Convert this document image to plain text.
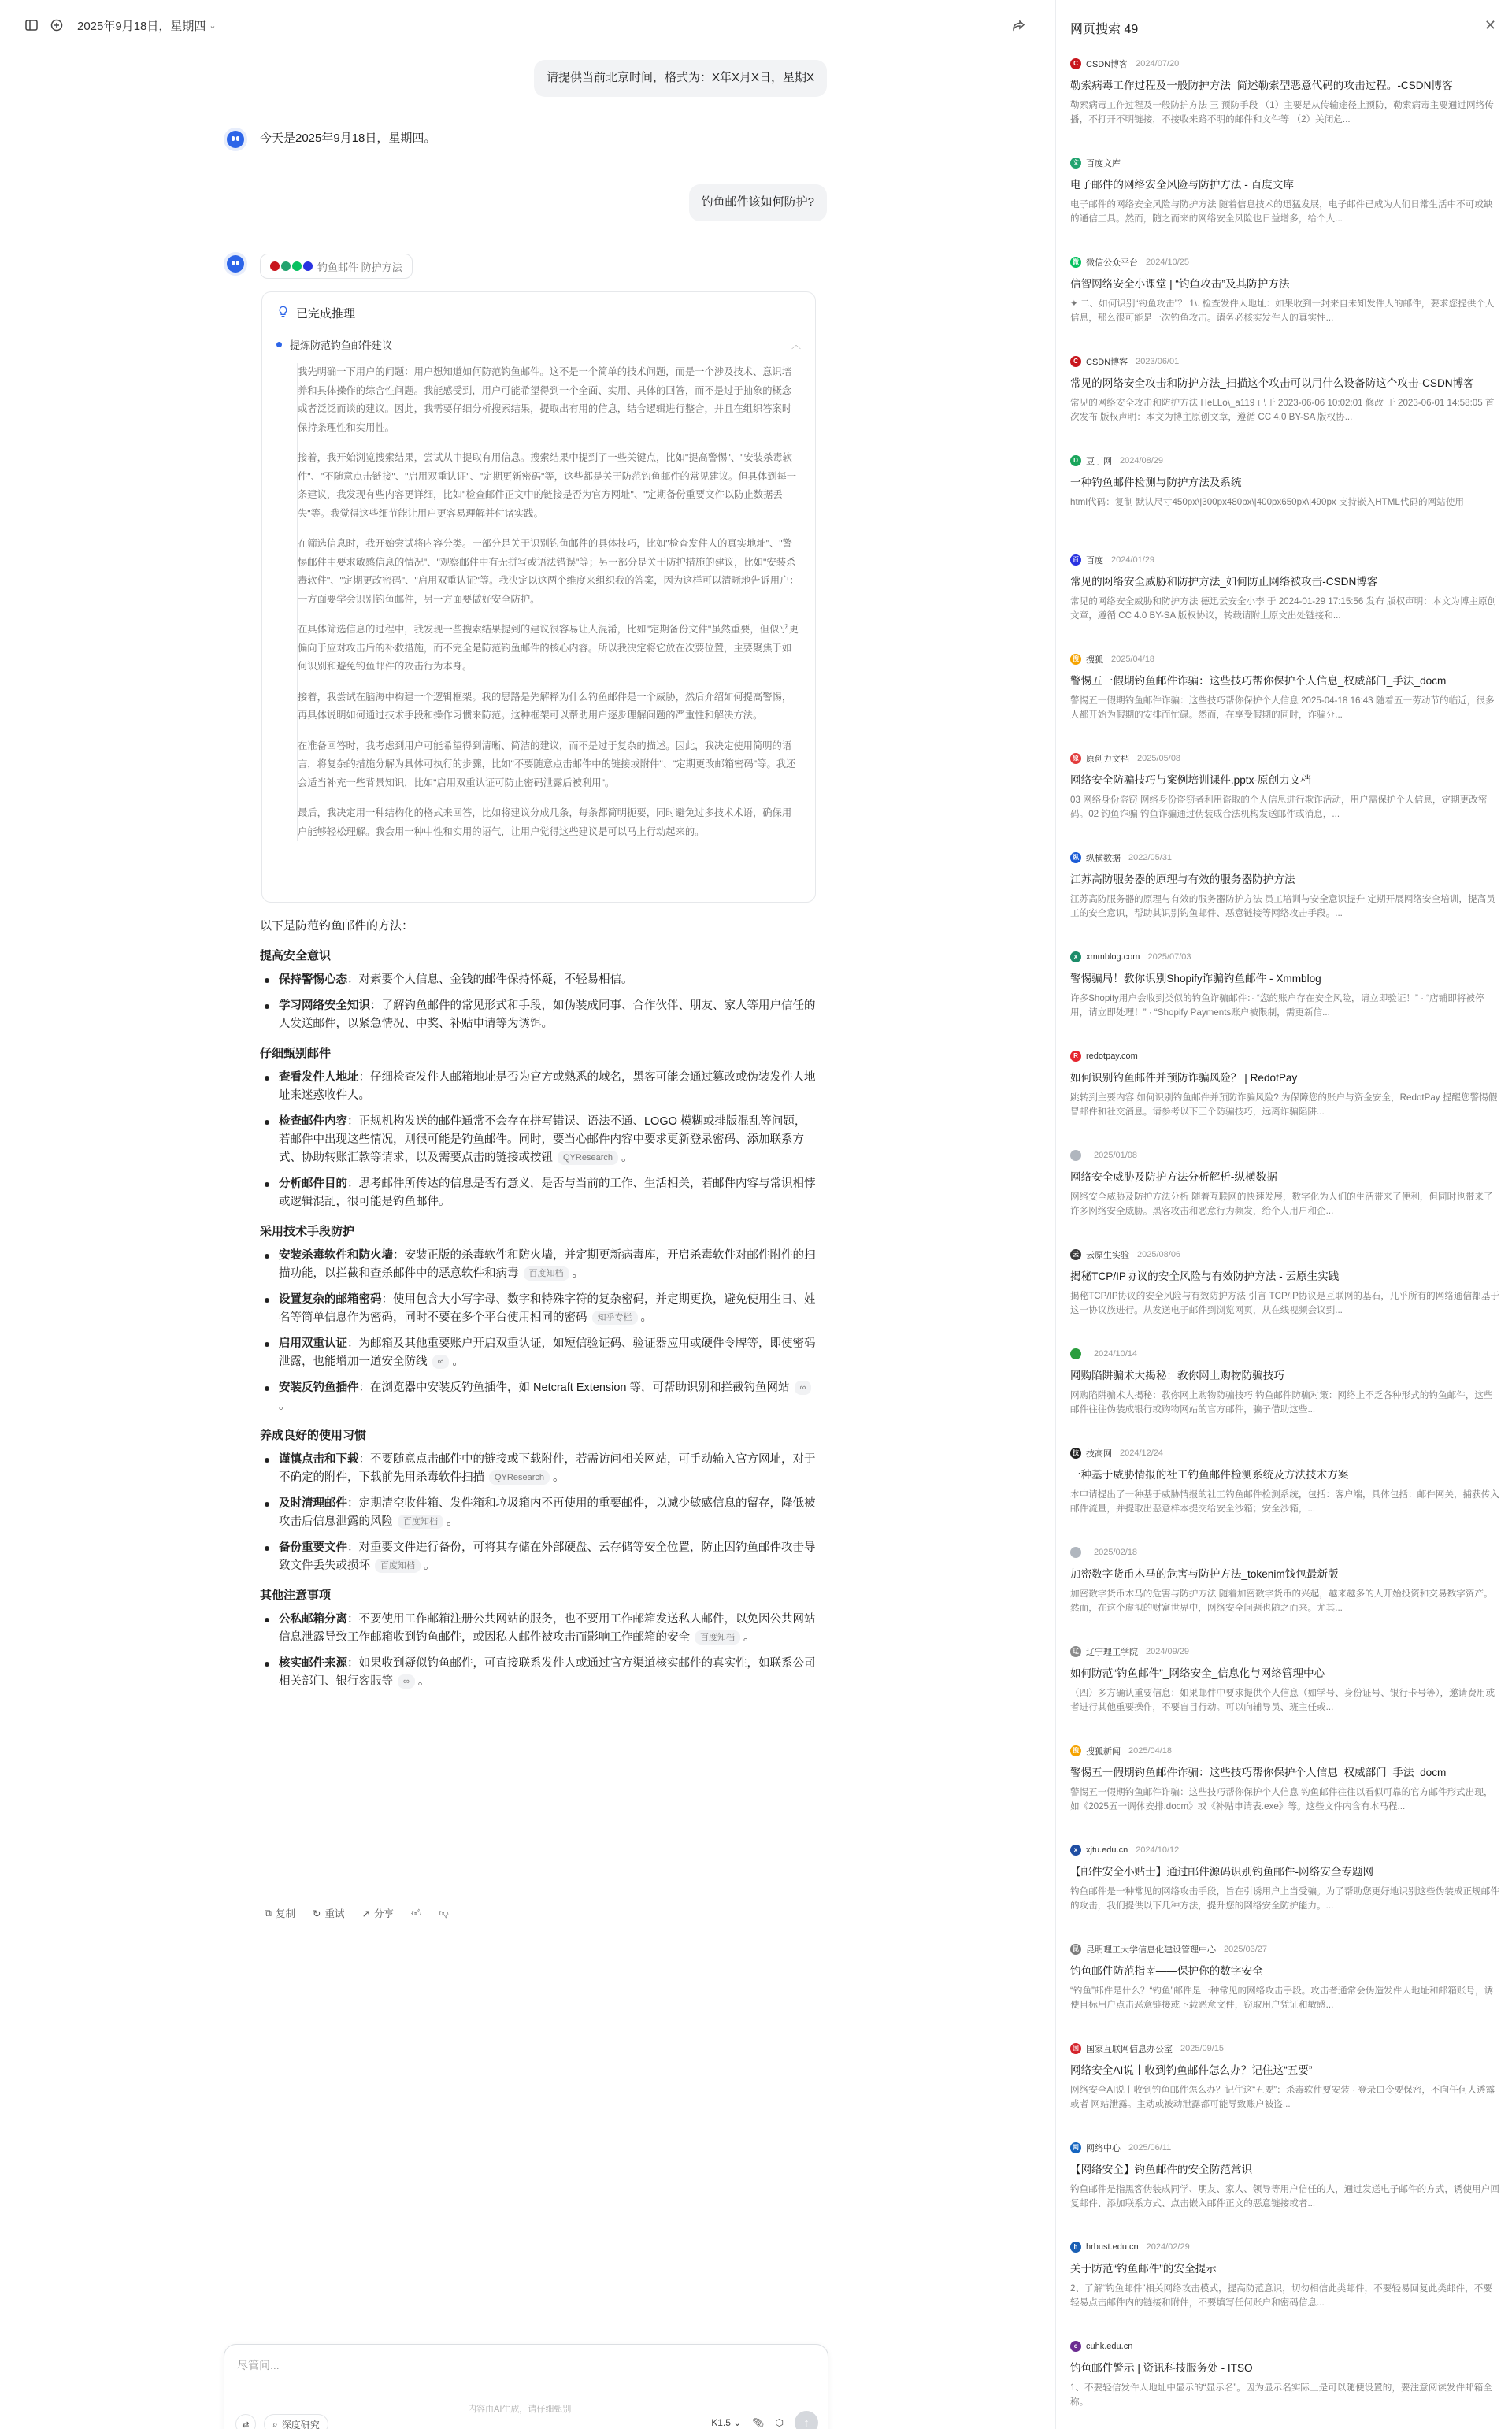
2025年9月18日，星期四 ⌄
请提供当前北京时间，格式为：X年X月X日，星期X
今天是2025年9月18日，星期四。
钓鱼邮件该如何防护?
钓鱼邮件 防护方法
已完成推理
提炼防范钓鱼邮件建议	︿

我先明确一下用户的问题：用户想知道如何防范钓鱼邮件。这不是一个简单的技术问题，而是一个涉及技术、意识培养和具体操作的综合性问题。我能感受到，用户可能希望得到一个全面、实用、具体的回答，而不是过于抽象的概念或者泛泛而谈的建议。因此，我需要仔细分析搜索结果，提取出有用的信息，结合逻辑进行整合，并且在组织答案时保持条理性和实用性。

接着，我开始浏览搜索结果，尝试从中提取有用信息。搜索结果中提到了一些关键点，比如"提高警惕"、"安装杀毒软件"、"不随意点击链接"、"启用双重认证"、"定期更新密码"等，这些都是关于防范钓鱼邮件的常见建议。但具体到每一条建议，我发现有些内容更详细，比如"检查邮件正文中的链接是否为官方网址"、"定期备份重要文件以防止数据丢失"等。我觉得这些细节能让用户更容易理解并付诸实践。

在筛选信息时，我开始尝试将内容分类。一部分是关于识别钓鱼邮件的具体技巧，比如"检查发件人的真实地址"、"警惕邮件中要求敏感信息的情况"、"观察邮件中有无拼写或语法错误"等；另一部分是关于防护措施的建议，比如"安装杀毒软件"、"定期更改密码"、"启用双重认证"等。我决定以这两个维度来组织我的答案，因为这样可以清晰地告诉用户：一方面要学会识别钓鱼邮件，另一方面要做好安全防护。

在具体筛选信息的过程中，我发现一些搜索结果提到的建议很容易让人混淆，比如"定期备份文件"虽然重要，但似乎更偏向于应对攻击后的补救措施，而不完全是防范钓鱼邮件的核心内容。所以我决定将它放在次要位置，主要聚焦于如何识别和避免钓鱼邮件的攻击行为本身。

接着，我尝试在脑海中构建一个逻辑框架。我的思路是先解释为什么钓鱼邮件是一个威胁，然后介绍如何提高警惕，再具体说明如何通过技术手段和操作习惯来防范。这种框架可以帮助用户逐步理解问题的严重性和解决方法。

在准备回答时，我考虑到用户可能希望得到清晰、简洁的建议，而不是过于复杂的描述。因此，我决定使用简明的语言，将复杂的措施分解为具体可执行的步骤，比如"不要随意点击邮件中的链接或附件"、"定期更改邮箱密码"等。我还会适当补充一些背景知识，比如"启用双重认证可防止密码泄露后被利用"。

最后，我决定用一种结构化的格式来回答，比如将建议分成几条，每条都简明扼要，同时避免过多技术术语，确保用户能够轻松理解。我会用一种中性和实用的语气，让用户觉得这些建议是可以马上行动起来的。

以下是防范钓鱼邮件的方法：
提高安全意识
保持警惕心态：对索要个人信息、金钱的邮件保持怀疑，不轻易相信。
学习网络安全知识：了解钓鱼邮件的常见形式和手段，如伪装成同事、合作伙伴、朋友、家人等用户信任的人发送邮件，以紧急情况、中奖、补贴申请等为诱饵。
仔细甄别邮件
查看发件人地址：仔细检查发件人邮箱地址是否为官方或熟悉的域名，黑客可能会通过篡改或伪装发件人地址来迷惑收件人。
检查邮件内容：正规机构发送的邮件通常不会存在拼写错误、语法不通、LOGO 模糊或排版混乱等问题，若邮件中出现这些情况，则很可能是钓鱼邮件。同时，要当心邮件内容中要求更新登录密码、添加联系方式、协助转账汇款等请求，以及需要点击的链接或按钮 QYResearch 。
分析邮件目的：思考邮件所传达的信息是否有意义，是否与当前的工作、生活相关，若邮件内容与常识相悖或逻辑混乱，很可能是钓鱼邮件。
采用技术手段防护
安装杀毒软件和防火墙：安装正版的杀毒软件和防火墙，并定期更新病毒库，开启杀毒软件对邮件附件的扫描功能，以拦截和查杀邮件中的恶意软件和病毒 百度知档 。
设置复杂的邮箱密码：使用包含大小写字母、数字和特殊字符的复杂密码，并定期更换，避免使用生日、姓名等简单信息作为密码，同时不要在多个平台使用相同的密码 知乎专栏 。
启用双重认证：为邮箱及其他重要账户开启双重认证，如短信验证码、验证器应用或硬件令牌等，即使密码泄露，也能增加一道安全防线 ∞ 。
安装反钓鱼插件：在浏览器中安装反钓鱼插件，如 Netcraft Extension 等，可帮助识别和拦截钓鱼网站 ∞ 。
养成良好的使用习惯
谨慎点击和下载：不要随意点击邮件中的链接或下载附件，若需访问相关网站，可手动输入官方网址，对于不确定的附件，下载前先用杀毒软件扫描 QYResearch 。
及时清理邮件：定期清空收件箱、发件箱和垃圾箱内不再使用的重要邮件，以减少敏感信息的留存，降低被攻击后信息泄露的风险 百度知档 。
备份重要文件：对重要文件进行备份，可将其存储在外部硬盘、云存储等安全位置，防止因钓鱼邮件攻击导致文件丢失或损坏 百度知档 。
其他注意事项
公私邮箱分离：不要使用工作邮箱注册公共网站的服务，也不要用工作邮箱发送私人邮件，以免因公共网站信息泄露导致工作邮箱收到钓鱼邮件，或因私人邮件被攻击而影响工作邮箱的安全 百度知档 。
核实邮件来源：如果收到疑似钓鱼邮件，可直接联系发件人或通过官方渠道核实邮件的真实性，如联系公司相关部门、银行客服等 ∞ 。
⧉ 复制 ↻ 重试 ↗ 分享 👍︎ 👎︎
尽管问...
⇄	⌕ 深度研究	K1.5 ⌄ 📎︎ ⬡ ↑
内容由AI生成，请仔细甄别
网页搜索 49	✕
C CSDN博客 2024/07/20
勒索病毒工作过程及一般防护方法_简述勒索型恶意代码的攻击过程。-CSDN博客
勒索病毒工作过程及一般防护方法 三 预防手段 （1）主要是从传输途径上预防，勒索病毒主要通过网络传播，不打开不明链接，不接收来路不明的邮件和文件等 （2）关闭危...
文 百度文库
电子邮件的网络安全风险与防护方法 - 百度文库
电子邮件的网络安全风险与防护方法 随着信息技术的迅猛发展，电子邮件已成为人们日常生活中不可或缺的通信工具。然而，随之而来的网络安全风险也日益增多，给个人...
微 微信公众平台 2024/10/25
信智网络安全小课堂 | “钓鱼攻击”及其防护方法
✦ 二、如何识别“钓鱼攻击”？ 1\. 检查发件人地址：如果收到一封来自未知发件人的邮件，要求您提供个人信息，那么很可能是一次钓鱼攻击。请务必核实发件人的真实性...
C CSDN博客 2023/06/01
常见的网络安全攻击和防护方法_扫描这个攻击可以用什么设备防这个攻击-CSDN博客
常见的网络安全攻击和防护方法 HeLLo\_a119 已于 2023-06-06 10:02:01 修改 于 2023-06-01 14:58:05 首次发布 版权声明：本文为博主原创文章，遵循 CC 4.0 BY-SA 版权协...
D 豆丁网 2024/08/29
一种钓鱼邮件检测与防护方法及系统
html代码：复制 默认尺寸450px\|300px480px\|400px650px\|490px 支持嵌入HTML代码的网站使用
百 百度 2024/01/29
常见的网络安全威胁和防护方法_如何防止网络被攻击-CSDN博客
常见的网络安全威胁和防护方法 德迅云安全小李 于 2024-01-29 17:15:56 发布 版权声明：本文为博主原创文章，遵循 CC 4.0 BY-SA 版权协议，转载请附上原文出处链接和...
搜 搜狐 2025/04/18
警惕五一假期钓鱼邮件诈骗：这些技巧帮你保护个人信息_权威部门_手法_docm
警惕五一假期钓鱼邮件诈骗：这些技巧帮你保护个人信息 2025-04-18 16:43 随着五一劳动节的临近，很多人都开始为假期的安排而忙碌。然而，在享受假期的同时，诈骗分...
原 原创力文档 2025/05/08
网络安全防骗技巧与案例培训课件.pptx-原创力文档
03 网络身份盗窃 网络身份盗窃者利用盗取的个人信息进行欺诈活动，用户需保护个人信息，定期更改密码。02 钓鱼诈骗 钓鱼诈骗通过伪装成合法机构发送邮件或消息，...
纵 纵横数据 2022/05/31
江苏高防服务器的原理与有效的服务器防护方法
江苏高防服务器的原理与有效的服务器防护方法 员工培训与安全意识提升 定期开展网络安全培训，提高员工的安全意识，帮助其识别钓鱼邮件、恶意链接等网络攻击手段。...
x xmmblog.com 2025/07/03
警惕骗局！教你识别Shopify诈骗钓鱼邮件 - Xmmblog
许多Shopify用户会收到类似的钓鱼诈骗邮件：· “您的账户存在安全风险，请立即验证！” · “店铺即将被停用，请立即处理！” · “Shopify Payments账户被限制，需更新信...
R redotpay.com
如何识别钓鱼邮件并预防诈骗风险？ | RedotPay
跳转到主要内容 如何识别钓鱼邮件并预防诈骗风险? 为保障您的账户与资金安全，RedotPay 提醒您警惕假冒邮件和社交消息。请参考以下三个防骗技巧，远离诈骗陷阱...
2025/01/08
网络安全威胁及防护方法分析解析-纵横数据
网络安全威胁及防护方法分析 随着互联网的快速发展，数字化为人们的生活带来了便利，但同时也带来了许多网络安全威胁。黑客攻击和恶意行为频发，给个人用户和企...
云 云原生实验 2025/08/06
揭秘TCP/IP协议的安全风险与有效防护方法 - 云原生实践
揭秘TCP/IP协议的安全风险与有效防护方法 引言 TCP/IP协议是互联网的基石，几乎所有的网络通信都基于这一协议族进行。从发送电子邮件到浏览网页，从在线视频会议到...
2024/10/14
网购陷阱骗术大揭秘：教你网上购物防骗技巧
网购陷阱骗术大揭秘：教你网上购物防骗技巧 钓鱼邮件防骗对策：网络上不乏各种形式的钓鱼邮件，这些邮件往往伪装成银行或购物网站的官方邮件，骗子借助这些...
技 技高网 2024/12/24
一种基于威胁情报的社工钓鱼邮件检测系统及方法技术方案
本申请提出了一种基于威胁情报的社工钓鱼邮件检测系统，包括：客户端，具体包括：邮件网关，捕获传入邮件流量，并提取出恶意样本提交给安全沙箱；安全沙箱，...
2025/02/18
加密数字货币木马的危害与防护方法_tokenim钱包最新版
加密数字货币木马的危害与防护方法 随着加密数字货币的兴起，越来越多的人开始投资和交易数字资产。然而，在这个虚拟的财富世界中，网络安全问题也随之而来。尤其...
辽 辽宁理工学院 2024/09/29
如何防范“钓鱼邮件”_网络安全_信息化与网络管理中心
（四）多方确认重要信息：如果邮件中要求提供个人信息（如学号、身份证号、银行卡号等），邀请费用或者进行其他重要操作，不要盲目行动。可以向辅导员、班主任或...
搜 搜狐新闻 2025/04/18
警惕五一假期钓鱼邮件诈骗：这些技巧帮你保护个人信息_权威部门_手法_docm
警惕五一假期钓鱼邮件诈骗：这些技巧帮你保护个人信息 钓鱼邮件往往以看似可靠的官方邮件形式出现，如《2025五一调休安排.docm》或《补贴申请表.exe》等。这些文件内含有木马程...
x xjtu.edu.cn 2024/10/12
【邮件安全小贴士】通过邮件源码识别钓鱼邮件-网络安全专题网
钓鱼邮件是一种常见的网络攻击手段，旨在引诱用户上当受骗。为了帮助您更好地识别这些伪装成正规邮件的攻击，我们提供以下几种方法，提升您的网络安全防护能力。...
昆 昆明理工大学信息化建设管理中心 2025/03/27
钓鱼邮件防范指南——保护你的数字安全
“钓鱼”邮件是什么？“钓鱼”邮件是一种常见的网络攻击手段。攻击者通常会伪造发件人地址和邮箱账号，诱使目标用户点击恶意链接或下载恶意文件，窃取用户凭证和敏感...
国 国家互联网信息办公室 2025/09/15
网络安全AI说丨收到钓鱼邮件怎么办？记住这“五要”
网络安全AI说丨收到钓鱼邮件怎么办？记住这“五要”：杀毒软件要安装 · 登录口令要保密，不向任何人透露或者 网站泄露。主动或被动泄露都可能导致账户被盗...
网 网络中心 2025/06/11
【网络安全】钓鱼邮件的安全防范常识
钓鱼邮件是指黑客伪装成同学、朋友、家人、领导等用户信任的人，通过发送电子邮件的方式，诱使用户回复邮件、添加联系方式、点击嵌入邮件正文的恶意链接或者...
h hrbust.edu.cn 2024/02/29
关于防范“钓鱼邮件”的安全提示
2、了解“钓鱼邮件”相关网络攻击模式，提高防范意识，切勿相信此类邮件，不要轻易回复此类邮件，不要轻易点击邮件内的链接和附件，不要填写任何账户和密码信息...
c cuhk.edu.cn
钓鱼邮件警示 | 资讯科技服务处 - ITSO
1、不要轻信发件人地址中显示的“显示名”。因为显示名实际上是可以随便设置的，要注意阅读发件邮箱全称。
